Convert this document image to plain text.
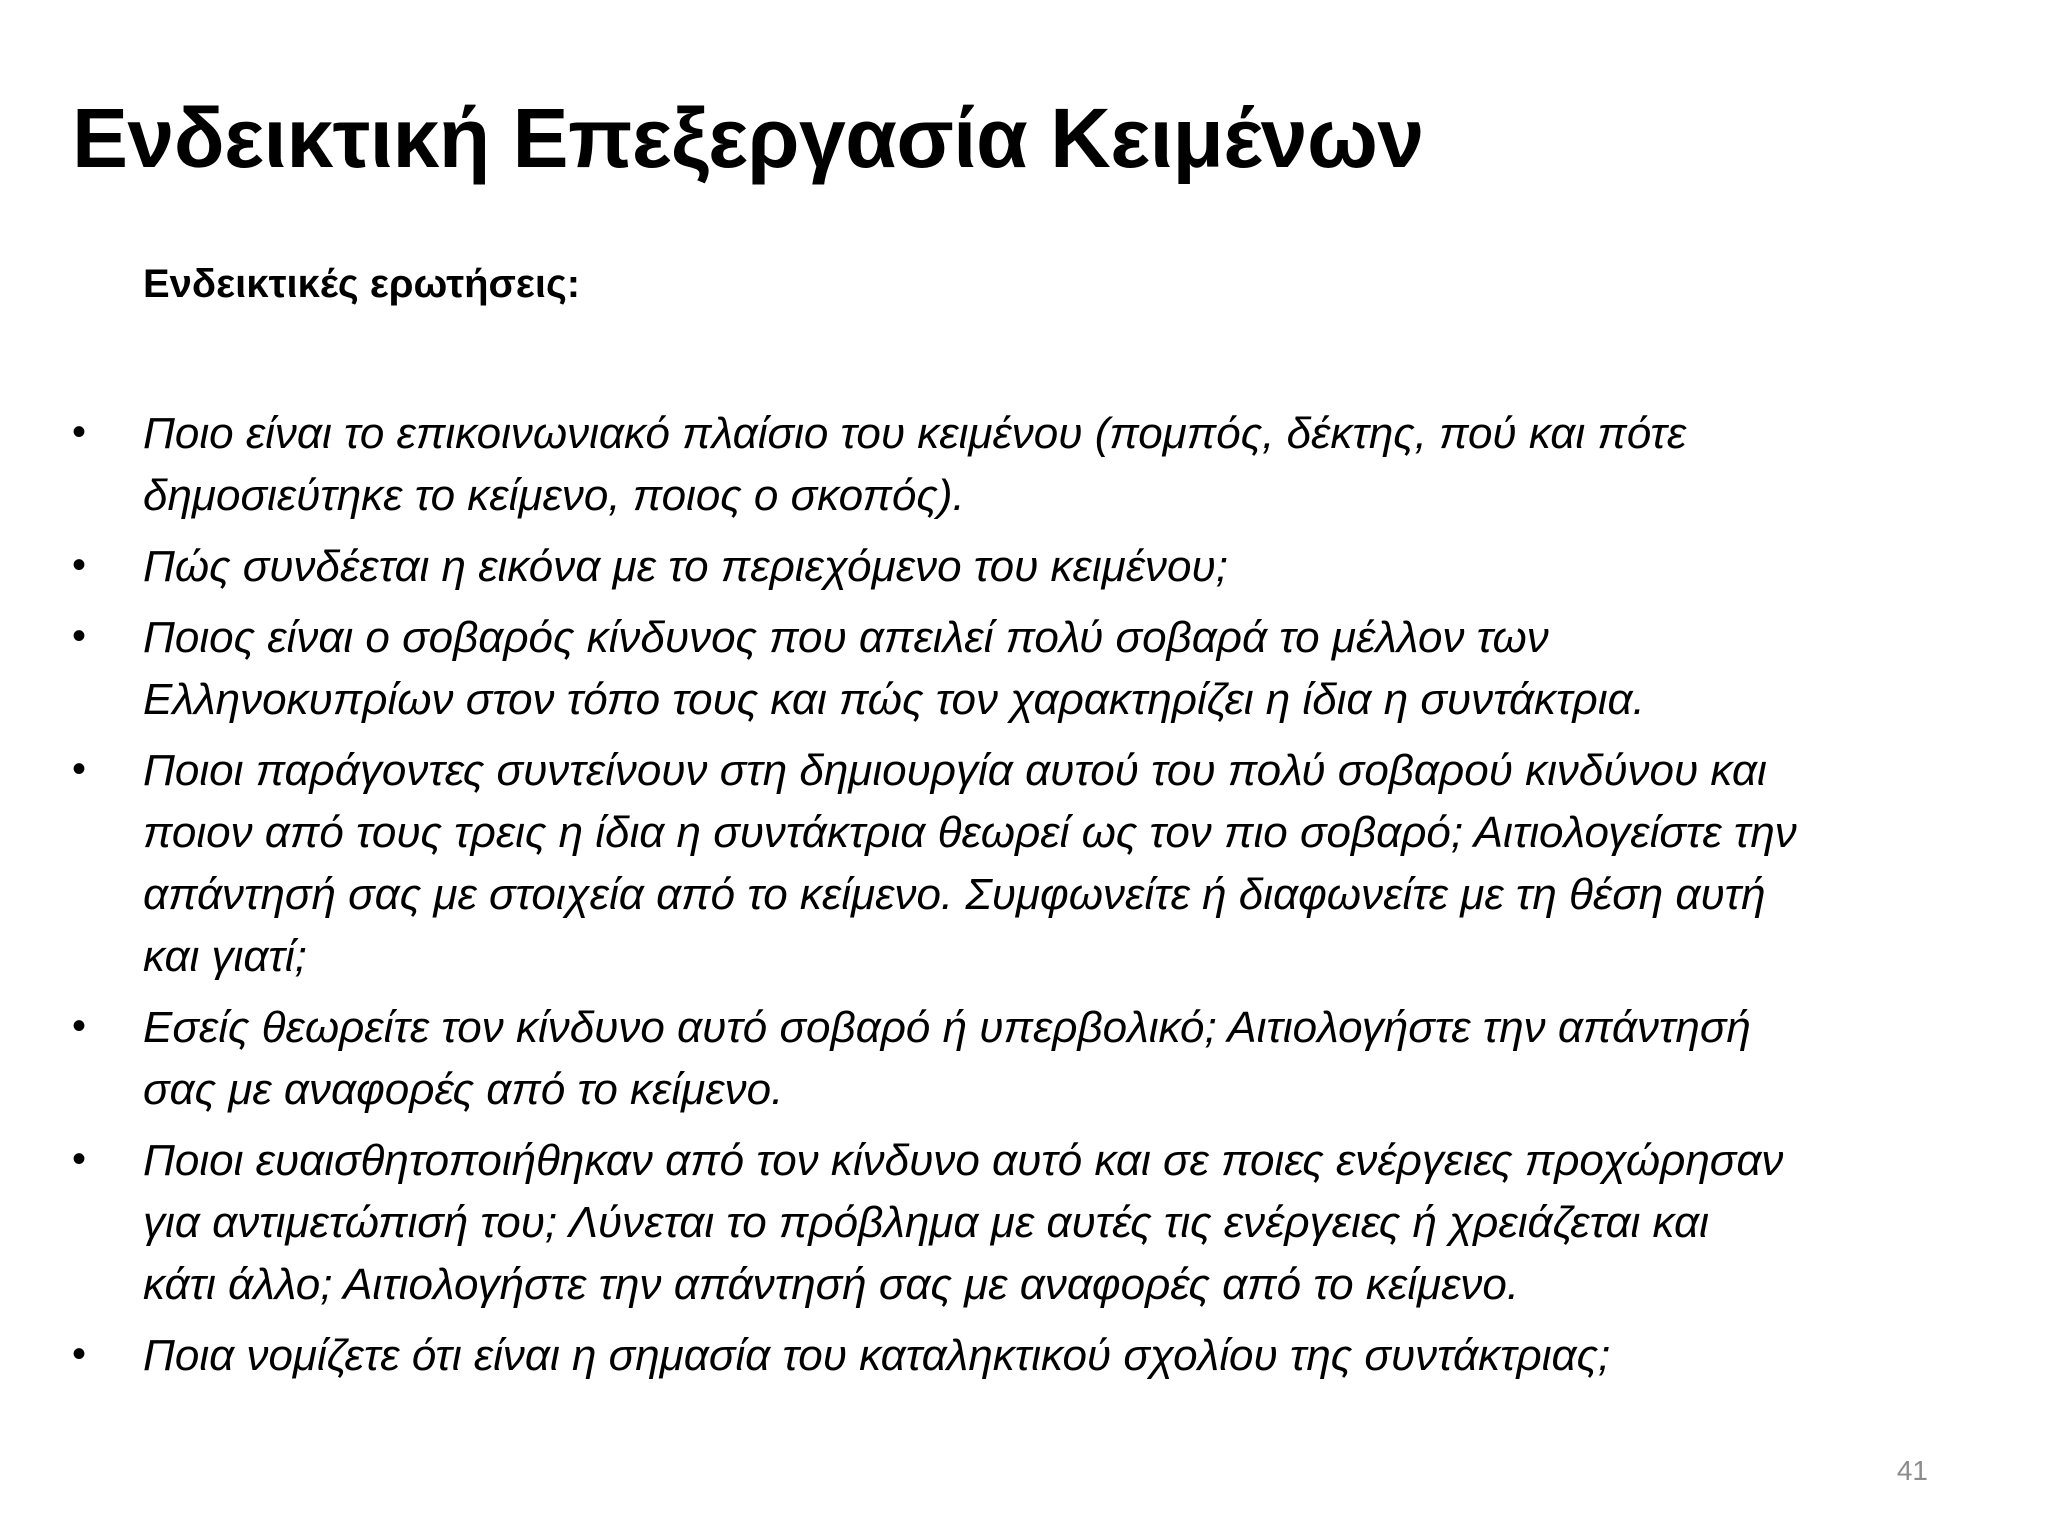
Ενδεικτική Επεξεργασία Κειμένων

Ενδεικτικές ερωτήσεις:

• Ποιο είναι το επικοινωνιακό πλαίσιο του κειμένου (πομπός, δέκτης, πού και πότε
δημοσιεύτηκε το κείμενο, ποιος ο σκοπός).
• Πώς συνδέεται η εικόνα με το περιεχόμενο του κειμένου;
• Ποιος είναι ο σοβαρός κίνδυνος που απειλεί πολύ σοβαρά το μέλλον των
Ελληνοκυπρίων στον τόπο τους και πώς τον χαρακτηρίζει η ίδια η συντάκτρια.
• Ποιοι παράγοντες συντείνουν στη δημιουργία αυτού του πολύ σοβαρού κινδύνου και
ποιον από τους τρεις η ίδια η συντάκτρια θεωρεί ως τον πιο σοβαρό; Αιτιολογείστε την
απάντησή σας με στοιχεία από το κείμενο. Συμφωνείτε ή διαφωνείτε με τη θέση αυτή
και γιατί;
• Εσείς θεωρείτε τον κίνδυνο αυτό σοβαρό ή υπερβολικό; Αιτιολογήστε την απάντησή
σας με αναφορές από το κείμενο.
• Ποιοι ευαισθητοποιήθηκαν από τον κίνδυνο αυτό και σε ποιες ενέργειες προχώρησαν
για αντιμετώπισή του; Λύνεται το πρόβλημα με αυτές τις ενέργειες ή χρειάζεται και
κάτι άλλο; Αιτιολογήστε την απάντησή σας με αναφορές από το κείμενο.
• Ποια νομίζετε ότι είναι η σημασία του καταληκτικού σχολίου της συντάκτριας;
41
